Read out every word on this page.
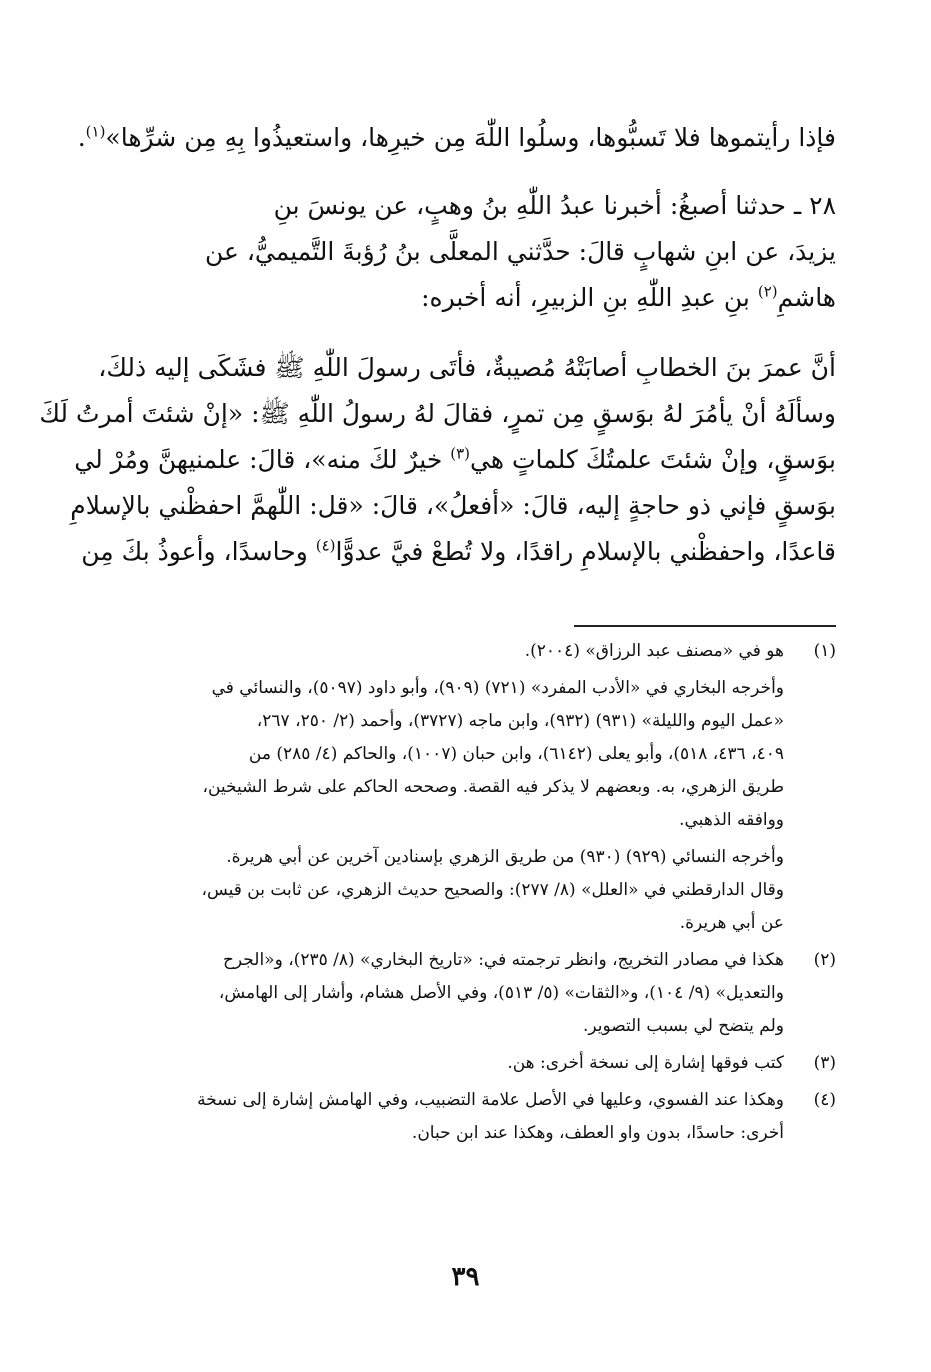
فإذا رأيتموها فلا تَسبُّوها، وسلُوا اللّٰهَ مِن خيرِها، واستعيذُوا بِهِ مِن شرِّها»$^{(١)}$.
٢٨ ـ حدثنا أصبغُ: أخبرنا عبدُ اللّٰهِ بنُ وهبٍ، عن يونسَ بنِ
يزيدَ، عن ابنِ شهابٍ قالَ: حدَّثني المعلَّى بنُ رُؤبةَ التَّميميُّ، عن
هاشمِ$^{(٢)}$ بنِ عبدِ اللّٰهِ بنِ الزبيرِ، أنه أخبره:
أنَّ عمرَ بنَ الخطابِ أصابَتْهُ مُصيبةٌ، فأتَى رسولَ اللّٰهِ ﷺ فشَكَى إليه ذلكَ،
وسألَهُ أنْ يأمُرَ لهُ بوَسقٍ مِن تمرٍ، فقالَ لهُ رسولُ اللّٰهِ ﷺ: «إنْ شئتَ أمرتُ لَكَ
بوَسقٍ، وإنْ شئتَ علمتُكَ كلماتٍ هي$^{(٣)}$ خيرٌ لكَ منه»، قالَ: علمنيهنَّ ومُرْ لي
بوَسقٍ فإني ذو حاجةٍ إليه، قالَ: «أفعلُ»، قالَ: «قل: اللّٰهمَّ احفظْني بالإسلامِ
قاعدًا، واحفظْني بالإسلامِ راقدًا، ولا تُطعْ فيَّ عدوًّا$^{(٤)}$ وحاسدًا، وأعوذُ بكَ مِن
(١)

هو في «مصنف عبد الرزاق» (٢٠٠٤).

وأخرجه البخاري في «الأدب المفرد» (٧٢١) (٩٠٩)، وأبو داود (٥٠٩٧)، والنسائي في
«عمل اليوم والليلة» (٩٣١) (٩٣٢)، وابن ماجه (٣٧٢٧)، وأحمد (٢/ ٢٥٠، ٢٦٧،
٤٠٩، ٤٣٦، ٥١٨)، وأبو يعلى (٦١٤٢)، وابن حبان (١٠٠٧)، والحاكم (٤/ ٢٨٥) من
طريق الزهري، به. وبعضهم لا يذكر فيه القصة. وصححه الحاكم على شرط الشيخين،
ووافقه الذهبي.

وأخرجه النسائي (٩٢٩) (٩٣٠) من طريق الزهري بإسنادين آخرين عن أبي هريرة.
وقال الدارقطني في «العلل» (٨/ ٢٧٧): والصحيح حديث الزهري، عن ثابت بن قيس،
عن أبي هريرة.

(٢)

هكذا في مصادر التخريج، وانظر ترجمته في: «تاريخ البخاري» (٨/ ٢٣٥)، و«الجرح
والتعديل» (٩/ ١٠٤)، و«الثقات» (٥/ ٥١٣)، وفي الأصل هشام، وأشار إلى الهامش،
ولم يتضح لي بسبب التصوير.

(٣)

كتب فوقها إشارة إلى نسخة أخرى: هن.

(٤)

وهكذا عند الفسوي، وعليها في الأصل علامة التضبيب، وفي الهامش إشارة إلى نسخة
أخرى: حاسدًا، بدون واو العطف، وهكذا عند ابن حبان.

٣٩
